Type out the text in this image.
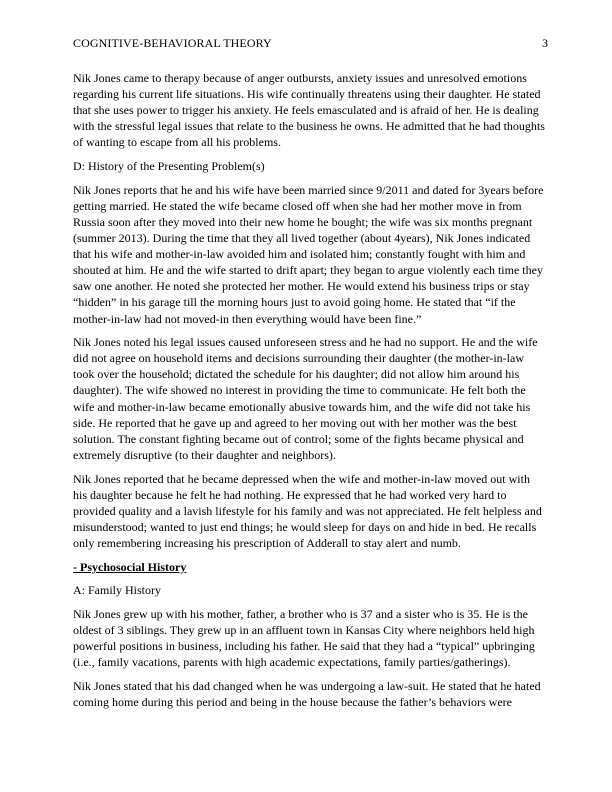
COGNITIVE-BEHAVIORAL THEORY	3

Nik Jones came to therapy because of anger outbursts, anxiety issues and unresolved emotions regarding his current life situations. His wife continually threatens using their daughter. He stated that she uses power to trigger his anxiety. He feels emasculated and is afraid of her. He is dealing with the stressful legal issues that relate to the business he owns. He admitted that he had thoughts of wanting to escape from all his problems.

D: History of the Presenting Problem(s)

Nik Jones reports that he and his wife have been married since 9/2011 and dated for 3years before getting married. He stated the wife became closed off when she had her mother move in from Russia soon after they moved into their new home he bought; the wife was six months pregnant (summer 2013). During the time that they all lived together (about 4years), Nik Jones indicated that his wife and mother-in-law avoided him and isolated him; constantly fought with him and shouted at him. He and the wife started to drift apart; they began to argue violently each time they saw one another. He noted she protected her mother. He would extend his business trips or stay “hidden” in his garage till the morning hours just to avoid going home. He stated that “if the mother-in-law had not moved-in then everything would have been fine.”

Nik Jones noted his legal issues caused unforeseen stress and he had no support. He and the wife did not agree on household items and decisions surrounding their daughter (the mother-in-law took over the household; dictated the schedule for his daughter; did not allow him around his daughter). The wife showed no interest in providing the time to communicate. He felt both the wife and mother-in-law became emotionally abusive towards him, and the wife did not take his side. He reported that he gave up and agreed to her moving out with her mother was the best solution. The constant fighting became out of control; some of the fights became physical and extremely disruptive (to their daughter and neighbors).

Nik Jones reported that he became depressed when the wife and mother-in-law moved out with his daughter because he felt he had nothing. He expressed that he had worked very hard to provided quality and a lavish lifestyle for his family and was not appreciated. He felt helpless and misunderstood; wanted to just end things; he would sleep for days on and hide in bed. He recalls only remembering increasing his prescription of Adderall to stay alert and numb.

- Psychosocial History

A: Family History

Nik Jones grew up with his mother, father, a brother who is 37 and a sister who is 35. He is the oldest of 3 siblings. They grew up in an affluent town in Kansas City where neighbors held high powerful positions in business, including his father. He said that they had a “typical” upbringing (i.e., family vacations, parents with high academic expectations, family parties/gatherings).

Nik Jones stated that his dad changed when he was undergoing a law-suit. He stated that he hated coming home during this period and being in the house because the father’s behaviors were
